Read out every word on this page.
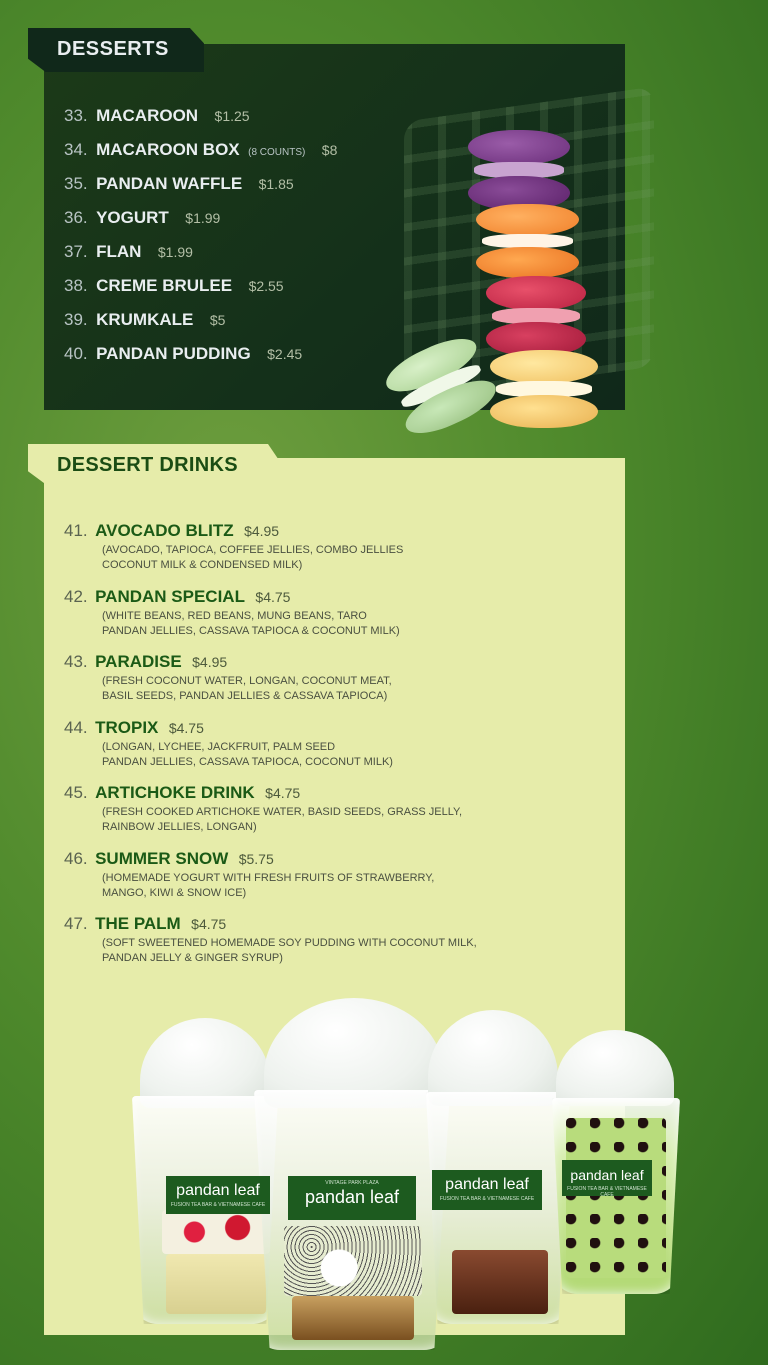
DESSERTS
33. MACAROON $1.25
34. MACAROON BOX (8 COUNTS) $8
35. PANDAN WAFFLE $1.85
36. YOGURT $1.99
37. FLAN $1.99
38. CREME BRULEE $2.55
39. KRUMKALE $5
40. PANDAN PUDDING $2.45
DESSERT DRINKS
41. AVOCADO BLITZ $4.95
(AVOCADO, TAPIOCA, COFFEE JELLIES, COMBO JELLIES
COCONUT MILK & CONDENSED MILK)
42. PANDAN SPECIAL $4.75
(WHITE BEANS, RED BEANS, MUNG BEANS, TARO
PANDAN JELLIES, CASSAVA TAPIOCA & COCONUT MILK)
43. PARADISE $4.95
(FRESH COCONUT WATER, LONGAN, COCONUT MEAT,
BASIL SEEDS, PANDAN JELLIES & CASSAVA TAPIOCA)
44. TROPIX $4.75
(LONGAN, LYCHEE, JACKFRUIT, PALM SEED
PANDAN JELLIES, CASSAVA TAPIOCA, COCONUT MILK)
45. ARTICHOKE DRINK $4.75
(FRESH COOKED ARTICHOKE WATER, BASID SEEDS, GRASS JELLY,
RAINBOW JELLIES, LONGAN)
46. SUMMER SNOW $5.75
(HOMEMADE YOGURT WITH FRESH FRUITS OF STRAWBERRY,
MANGO, KIWI & SNOW ICE)
47. THE PALM $4.75
(SOFT SWEETENED HOMEMADE SOY PUDDING WITH COCONUT MILK,
PANDAN JELLY & GINGER SYRUP)
pandan leaf
FUSION TEA BAR & VIETNAMESE CAFE
VINTAGE PARK PLAZA
pandan leaf
pandan leaf
FUSION TEA BAR & VIETNAMESE CAFE
pandan leaf
FUSION TEA BAR & VIETNAMESE CAFE
